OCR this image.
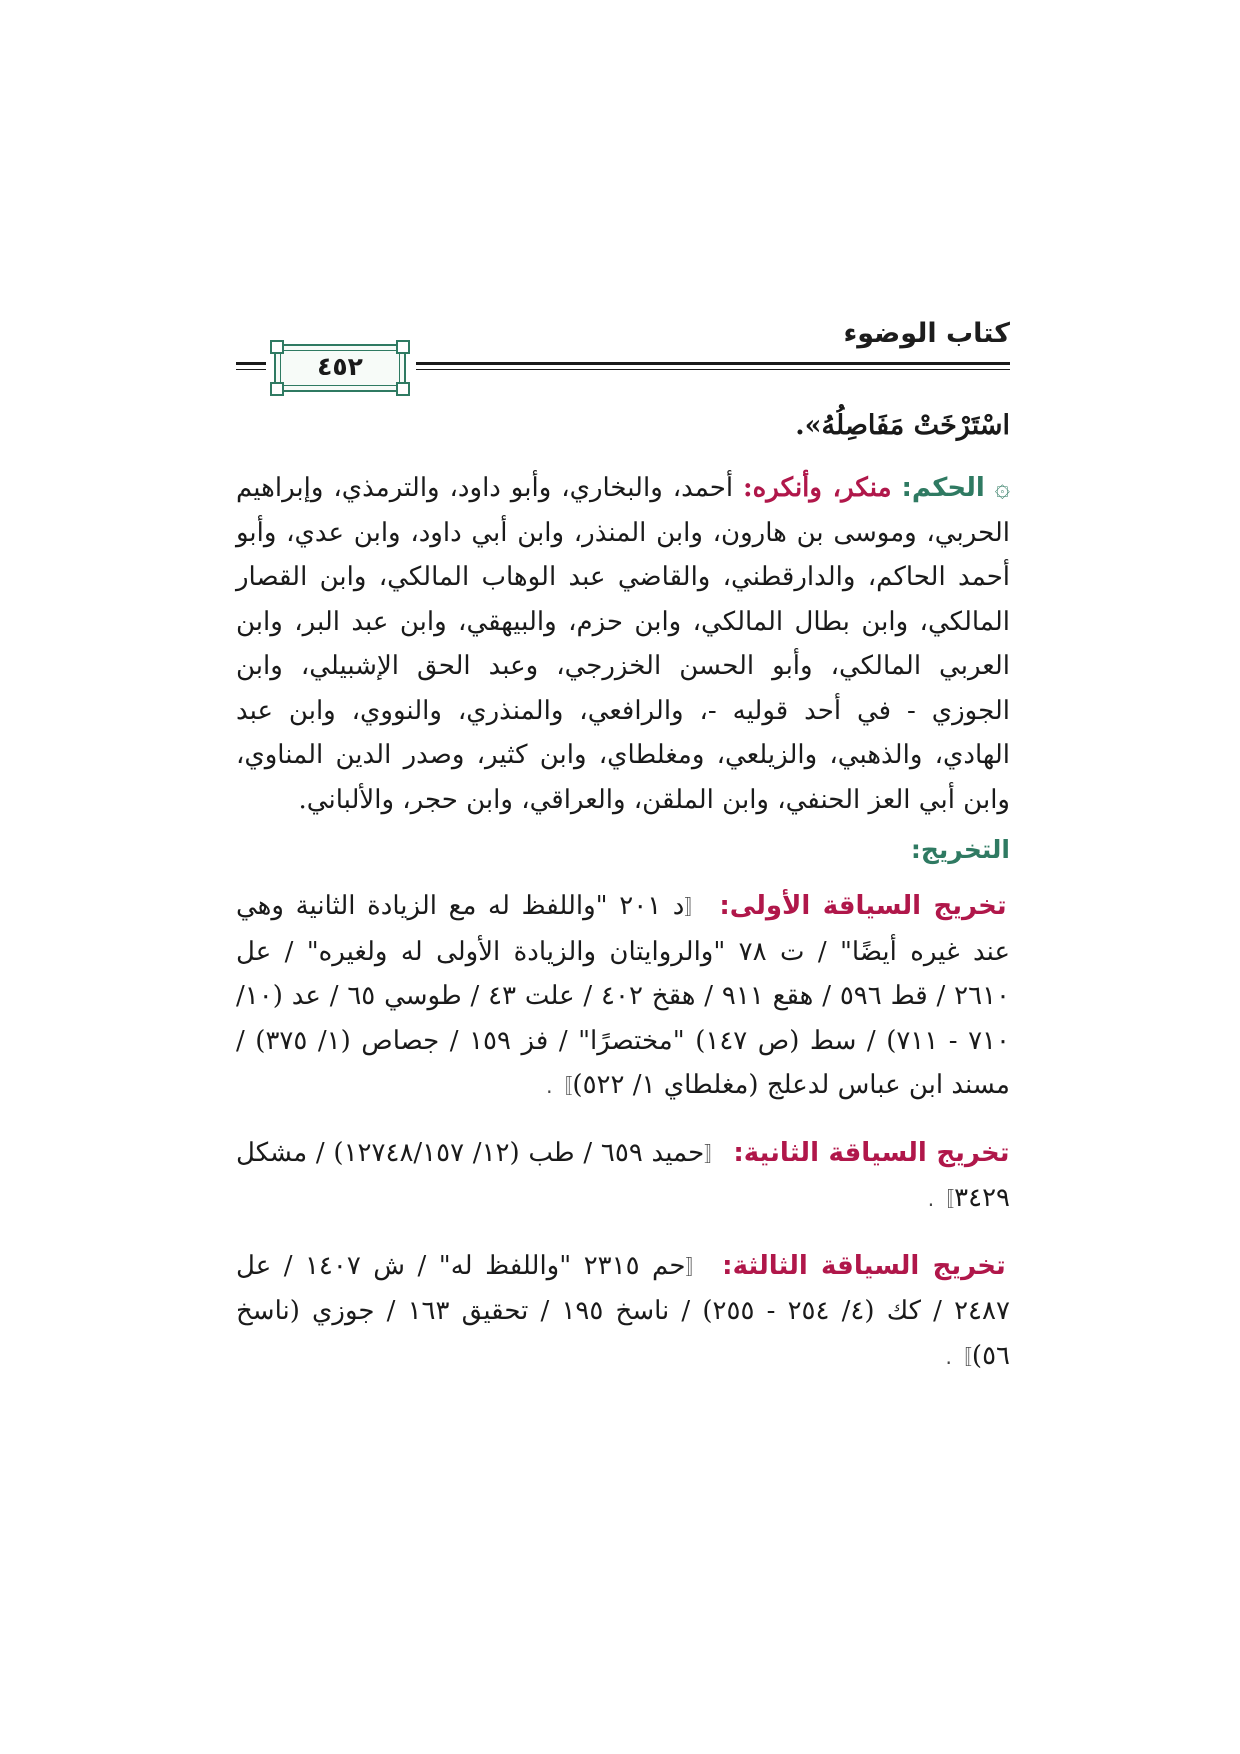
كتاب الوضوء
٤٥٢
اسْتَرْخَتْ مَفَاصِلُهُ».
۞ الحكم: منكر، وأنكره: أحمد، والبخاري، وأبو داود، والترمذي، وإبراهيم الحربي، وموسى بن هارون، وابن المنذر، وابن أبي داود، وابن عدي، وأبو أحمد الحاكم، والدارقطني، والقاضي عبد الوهاب المالكي، وابن القصار المالكي، وابن بطال المالكي، وابن حزم، والبيهقي، وابن عبد البر، وابن العربي المالكي، وأبو الحسن الخزرجي، وعبد الحق الإشبيلي، وابن الجوزي - في أحد قوليه -، والرافعي، والمنذري، والنووي، وابن عبد الهادي، والذهبي، والزيلعي، ومغلطاي، وابن كثير، وصدر الدين المناوي، وابن أبي العز الحنفي، وابن الملقن، والعراقي، وابن حجر، والألباني.
التخريج:
تخريج السياقة الأولى: 〚د ٢٠١ "واللفظ له مع الزيادة الثانية وهي عند غيره أيضًا" / ت ٧٨ "والروايتان والزيادة الأولى له ولغيره" / عل ٢٦١٠ / قط ٥٩٦ / هقع ٩١١ / هقخ ٤٠٢ / علت ٤٣ / طوسي ٦٥ / عد (١٠/ ٧١٠ - ٧١١) / سط (ص ١٤٧) "مختصرًا" / فز ١٥٩ / جصاص (١/ ٣٧٥) / مسند ابن عباس لدعلج (مغلطاي ١/ ٥٢٢)〛.
تخريج السياقة الثانية: 〚حميد ٦٥٩ / طب (١٢/ ١٢٧٤٨/١٥٧) / مشكل ٣٤٢٩〛.
تخريج السياقة الثالثة: 〚حم ٢٣١٥ "واللفظ له" / ش ١٤٠٧ / عل ٢٤٨٧ / كك (٤/ ٢٥٤ - ٢٥٥) / ناسخ ١٩٥ / تحقيق ١٦٣ / جوزي (ناسخ ٥٦)〛.
